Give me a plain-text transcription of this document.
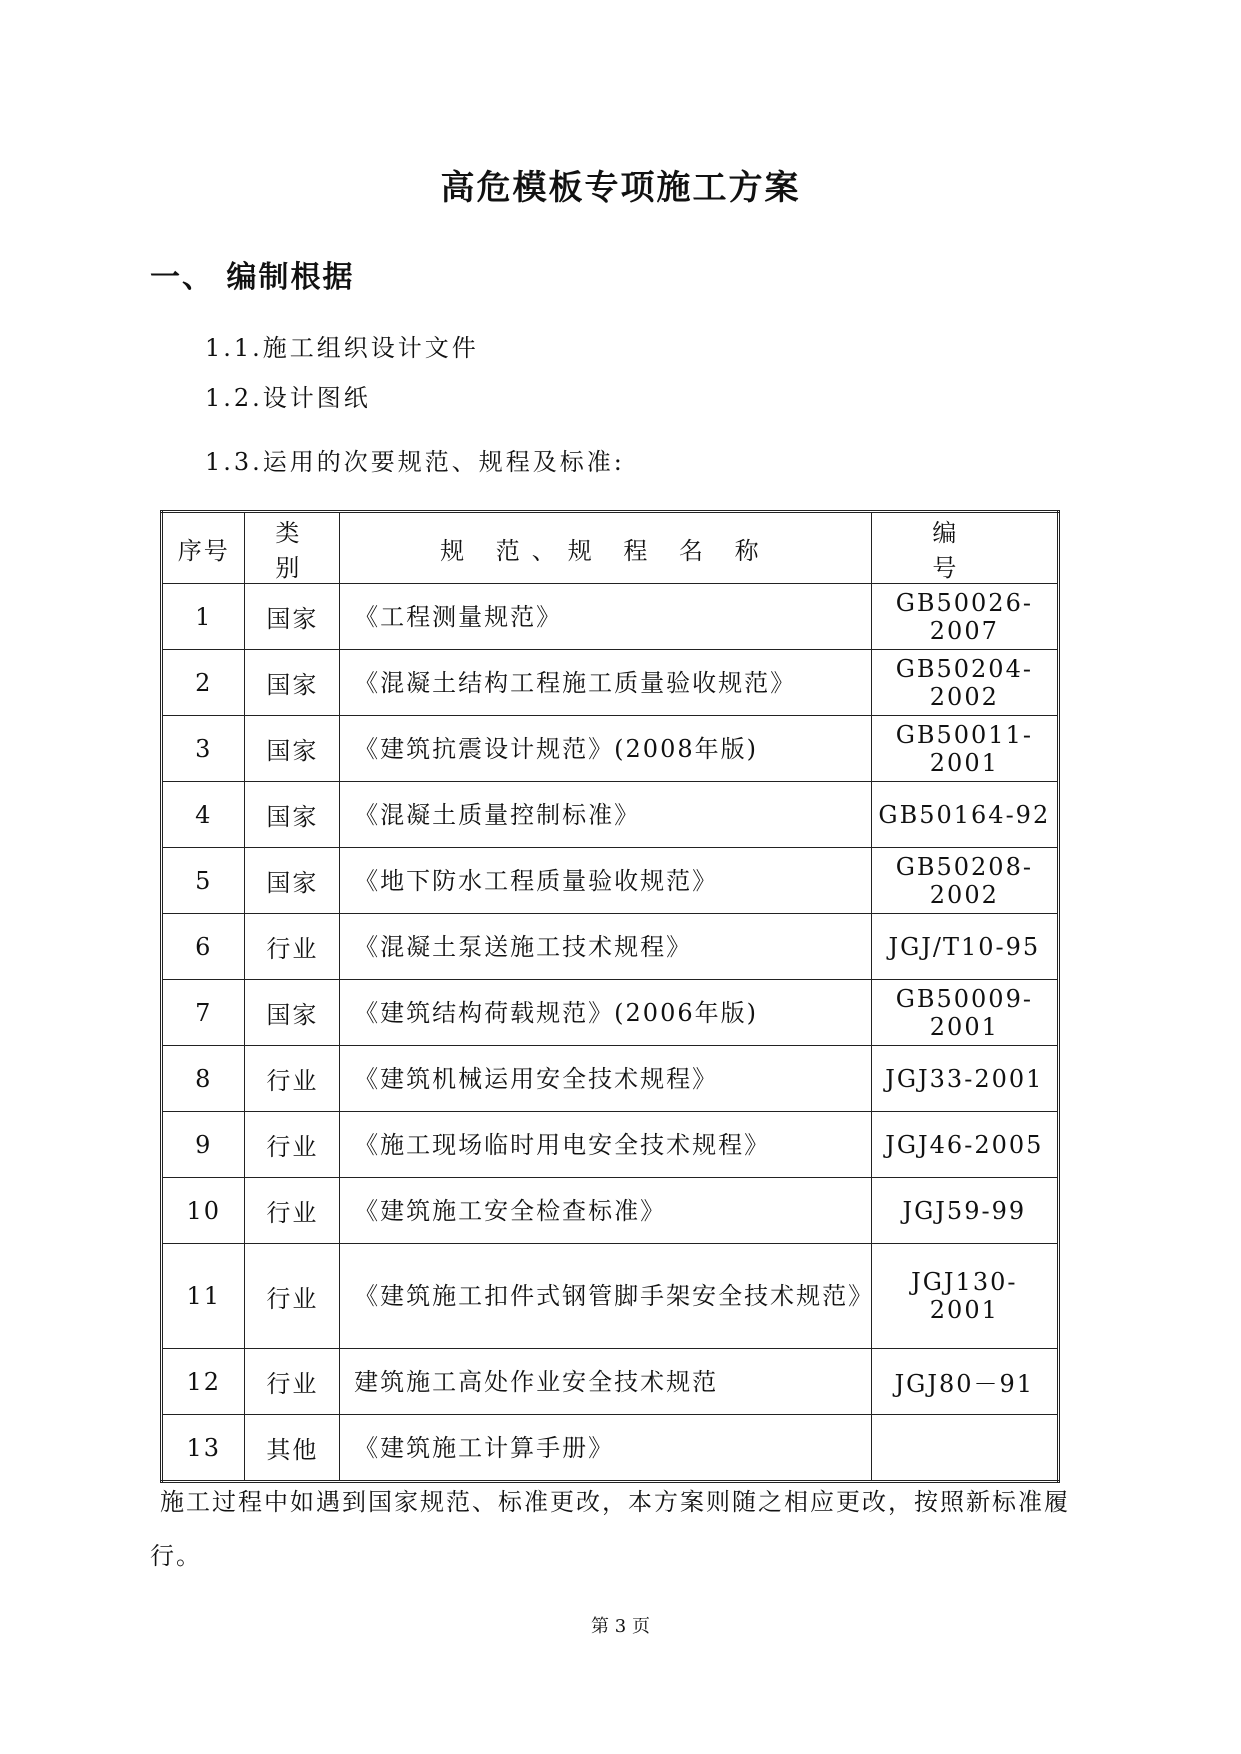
高危模板专项施工方案
一、 编制根据
1.1.施工组织设计文件
1.2.设计图纸
1.3.运用的次要规范、规程及标准:
序号	类 别	规 范、规 程 名 称	编 号
1	国家	《工程测量规范》	GB50026-2007
2	国家	《混凝土结构工程施工质量验收规范》	GB50204-2002
3	国家	《建筑抗震设计规范》(2008年版)	GB50011-2001
4	国家	《混凝土质量控制标准》	GB50164-92
5	国家	《地下防水工程质量验收规范》	GB50208-2002
6	行业	《混凝土泵送施工技术规程》	JGJ/T10-95
7	国家	《建筑结构荷载规范》(2006年版)	GB50009-2001
8	行业	《建筑机械运用安全技术规程》	JGJ33-2001
9	行业	《施工现场临时用电安全技术规程》	JGJ46-2005
10	行业	《建筑施工安全检查标准》	JGJ59-99
11	行业	《建筑施工扣件式钢管脚手架安全技术规范》	JGJ130-2001
12	行业	建筑施工高处作业安全技术规范	JGJ80－91
13	其他	《建筑施工计算手册》	
施工过程中如遇到国家规范、标准更改，本方案则随之相应更改，按照新标准履
行。
第 3 页
